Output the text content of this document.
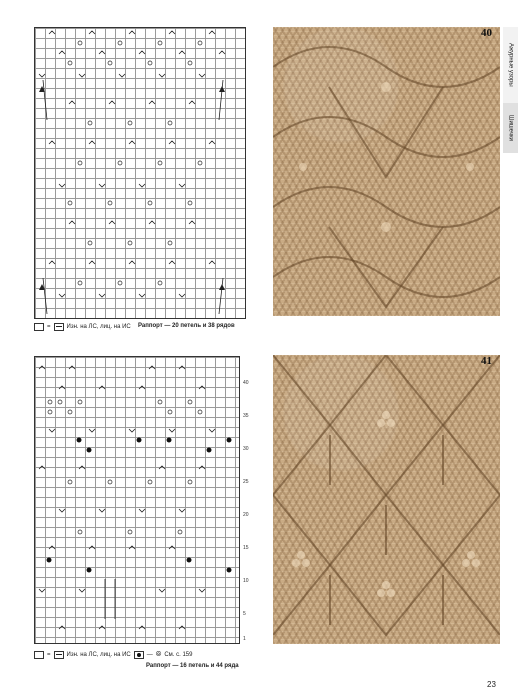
=	Изн. на ЛС, лиц. на ИС Раппорт — 20 петель и 38 рядов
40
Ажурные узоры
Шишечки
40
35
30
25
20
15
10
5
1
=	Изн. на ЛС, лиц. на ИС	— ⦾ См. с. 159
Раппорт — 16 петель и 44 ряда
41
23
